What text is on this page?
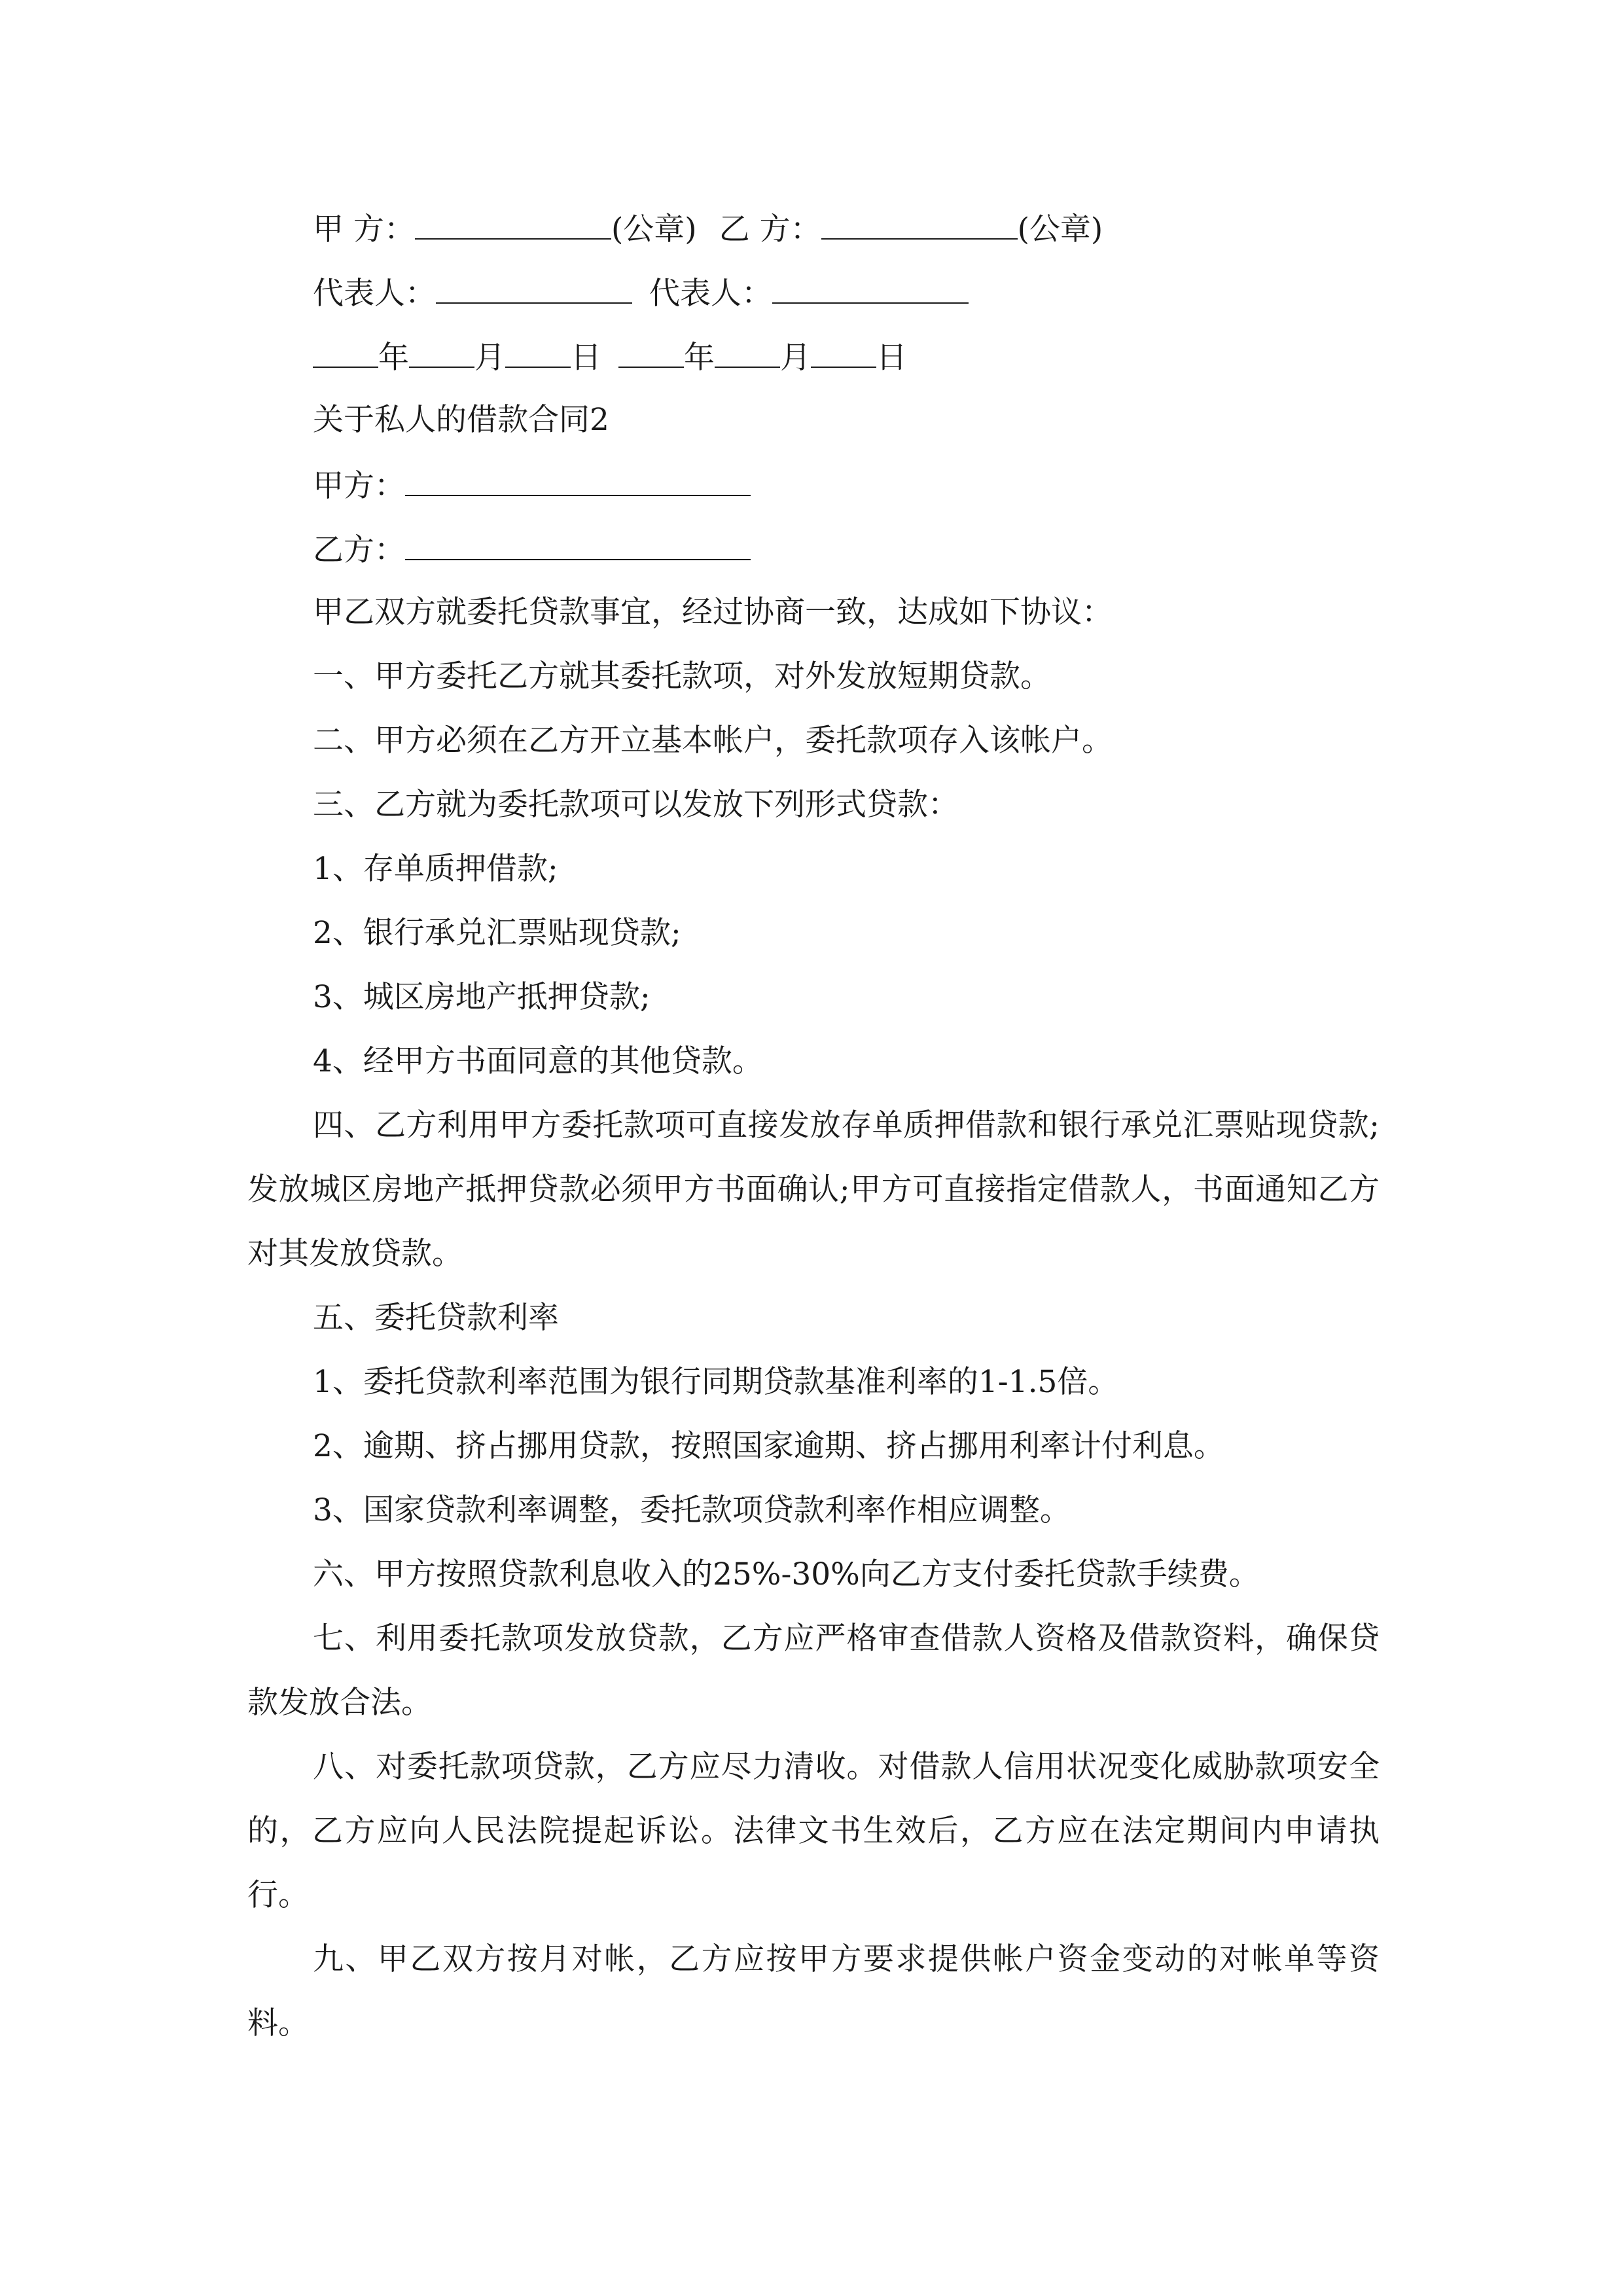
甲 方：	(公章) 乙 方：	(公章)
代表人：	代表人：
年 月 日	年 月 日
关于私人的借款合同2
甲方：
乙方：
甲乙双方就委托贷款事宜，经过协商一致，达成如下协议：
一、甲方委托乙方就其委托款项，对外发放短期贷款。
二、甲方必须在乙方开立基本帐户，委托款项存入该帐户。
三、乙方就为委托款项可以发放下列形式贷款：
1、存单质押借款;
2、银行承兑汇票贴现贷款;
3、城区房地产抵押贷款;
4、经甲方书面同意的其他贷款。
四、乙方利用甲方委托款项可直接发放存单质押借款和银行承兑汇票贴现贷款;发放城区房地产抵押贷款必须甲方书面确认;甲方可直接指定借款人，书面通知乙方对其发放贷款。
五、委托贷款利率
1、委托贷款利率范围为银行同期贷款基准利率的1-1.5倍。
2、逾期、挤占挪用贷款，按照国家逾期、挤占挪用利率计付利息。
3、国家贷款利率调整，委托款项贷款利率作相应调整。
六、甲方按照贷款利息收入的25%-30%向乙方支付委托贷款手续费。
七、利用委托款项发放贷款，乙方应严格审查借款人资格及借款资料，确保贷款发放合法。
八、对委托款项贷款，乙方应尽力清收。对借款人信用状况变化威胁款项安全的，乙方应向人民法院提起诉讼。法律文书生效后，乙方应在法定期间内申请执行。
九、甲乙双方按月对帐，乙方应按甲方要求提供帐户资金变动的对帐单等资料。
